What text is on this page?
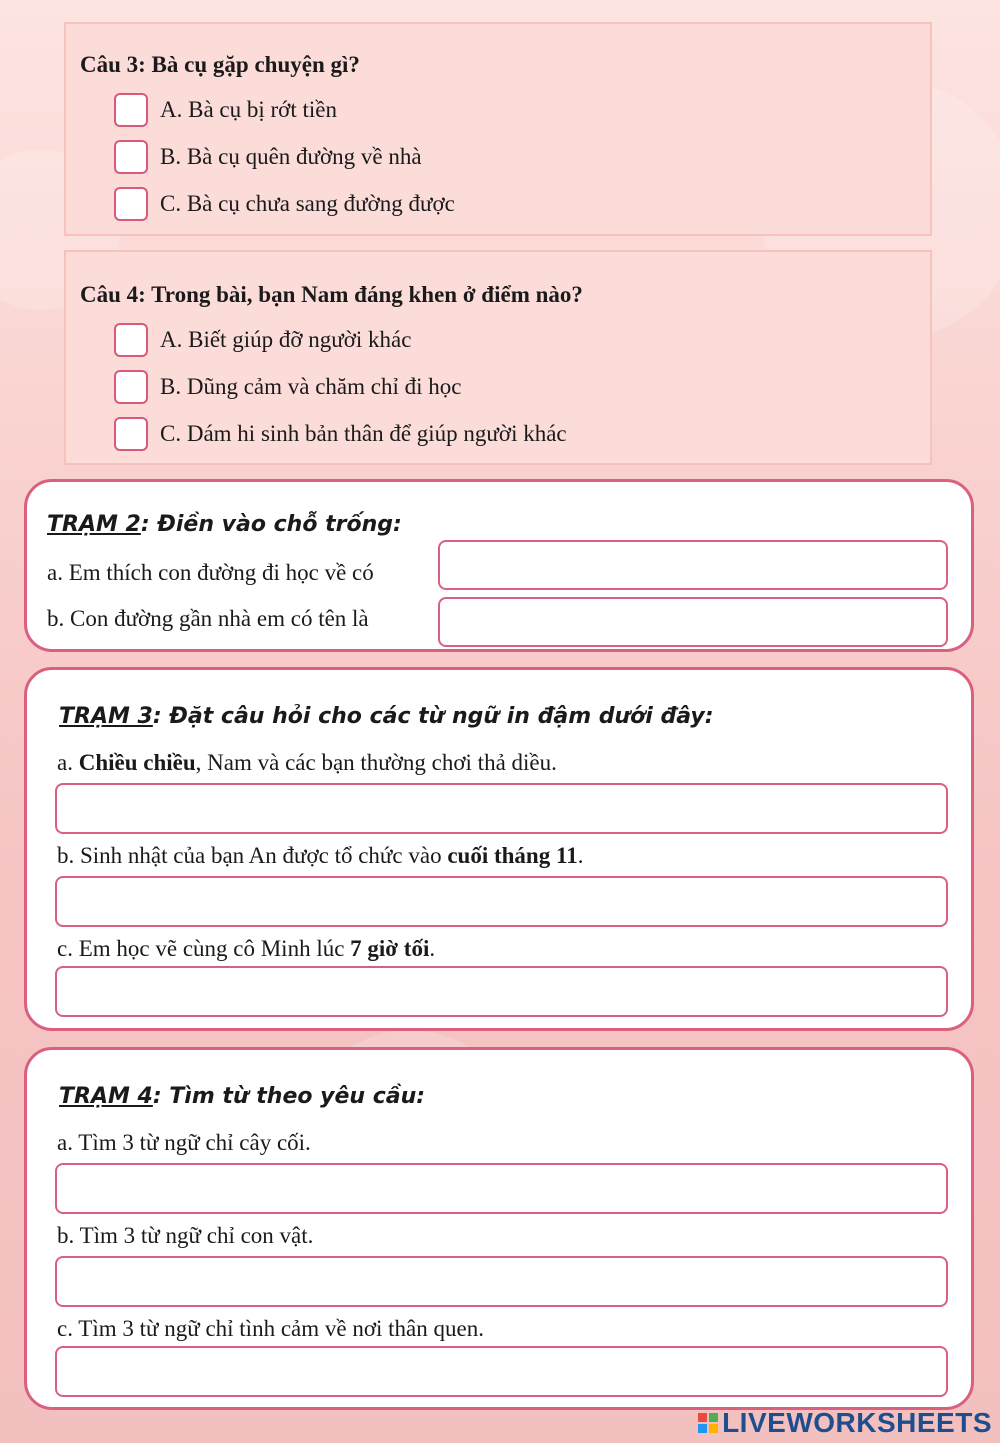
Câu 3: Bà cụ gặp chuyện gì?
A. Bà cụ bị rớt tiền
B. Bà cụ quên đường về nhà
C. Bà cụ chưa sang đường được
Câu 4: Trong bài, bạn Nam đáng khen ở điểm nào?
A. Biết giúp đỡ người khác
B. Dũng cảm và chăm chỉ đi học
C. Dám hi sinh bản thân để giúp người khác
TRẠM 2: Điền vào chỗ trống:
a. Em thích con đường đi học về có
b. Con đường gần nhà em có tên là
TRẠM 3: Đặt câu hỏi cho các từ ngữ in đậm dưới đây:
a. Chiều chiều, Nam và các bạn thường chơi thả diều.
b. Sinh nhật của bạn An được tổ chức vào cuối tháng 11.
c. Em học vẽ cùng cô Minh lúc 7 giờ tối.
TRẠM 4: Tìm từ theo yêu cầu:
a. Tìm 3 từ ngữ chỉ cây cối.
b. Tìm 3 từ ngữ chỉ con vật.
c. Tìm 3 từ ngữ chỉ tình cảm về nơi thân quen.
LIVEWORKSHEETS
